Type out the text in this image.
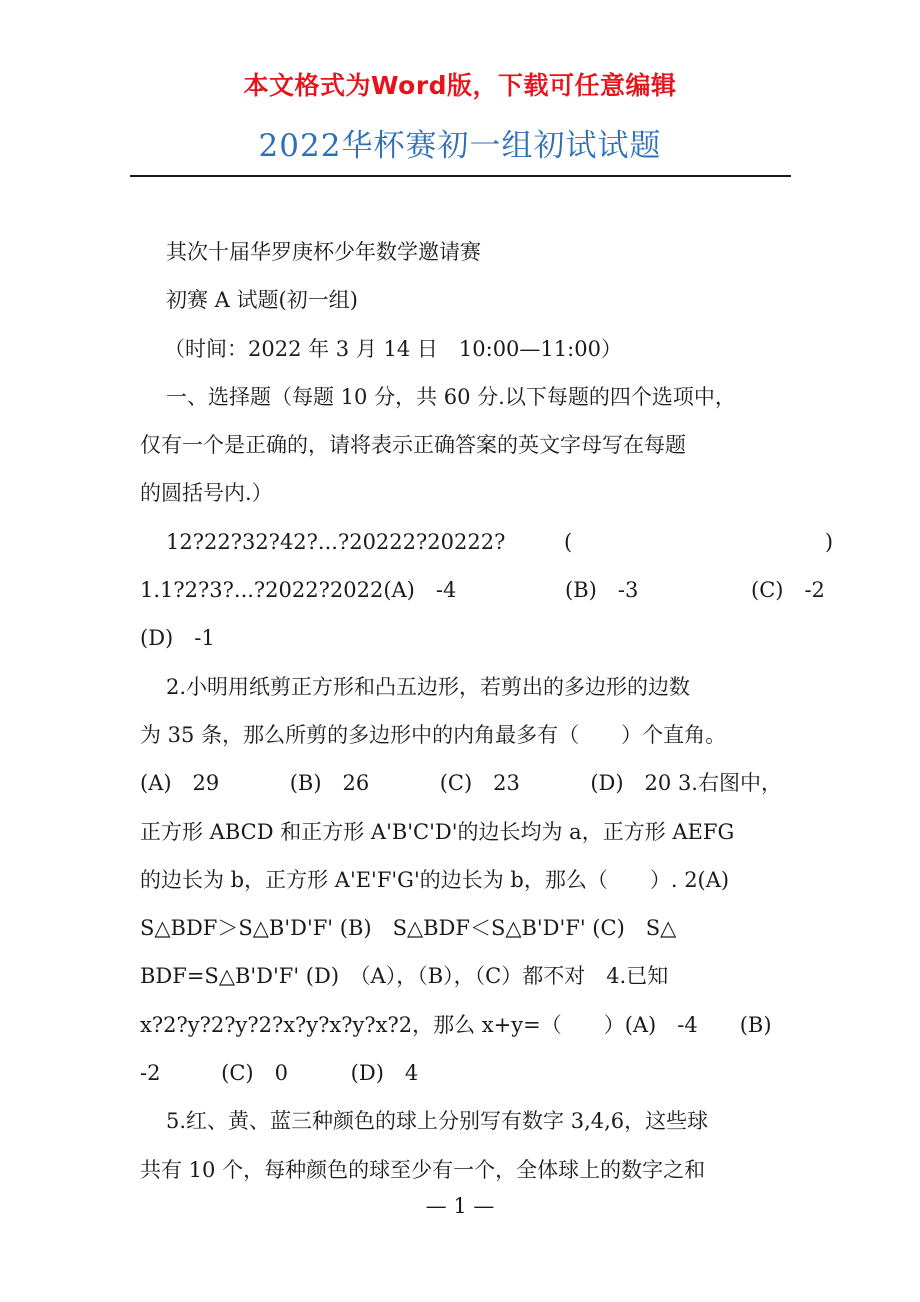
本文格式为Word版，下载可任意编辑
2022华杯赛初一组初试试题
其次十届华罗庚杯少年数学邀请赛
初赛 A 试题(初一组)
（时间：2022 年 3 月 14 日　10:00—11:00）
一、选择题（每题 10 分，共 60 分.以下每题的四个选项中，
仅有一个是正确的，请将表示正确答案的英文字母写在每题
的圆括号内.）
12?22?32?42?...?20222?20222?	(	)
1.1?2?3?...?2022?2022(A)　-4	(B)　-3	(C)　-2
(D)　-1
2.小明用纸剪正方形和凸五边形，若剪出的多边形的边数
为 35 条，那么所剪的多边形中的内角最多有（　　）个直角。
(A)　29	(B)　26	(C)　23	(D)　20 3.右图中，
正方形 ABCD 和正方形 A'B'C'D'的边长均为 a，正方形 AEFG
的边长为 b，正方形 A'E'F'G'的边长为 b，那么（　　）. 2(A)
S△BDF＞S△B'D'F' (B)　S△BDF＜S△B'D'F' (C)　S△
BDF=S△B'D'F' (D)　（A），（B），（C）都不对　4.已知
x?2?y?2?y?2?x?y?x?y?x?2，那么 x+y=（　　）(A)　-4　　(B)
-2	(C)　0	(D)　4
5.红、黄、蓝三种颜色的球上分别写有数字 3,4,6，这些球
共有 10 个，每种颜色的球至少有一个，全体球上的数字之和
— 1 —
